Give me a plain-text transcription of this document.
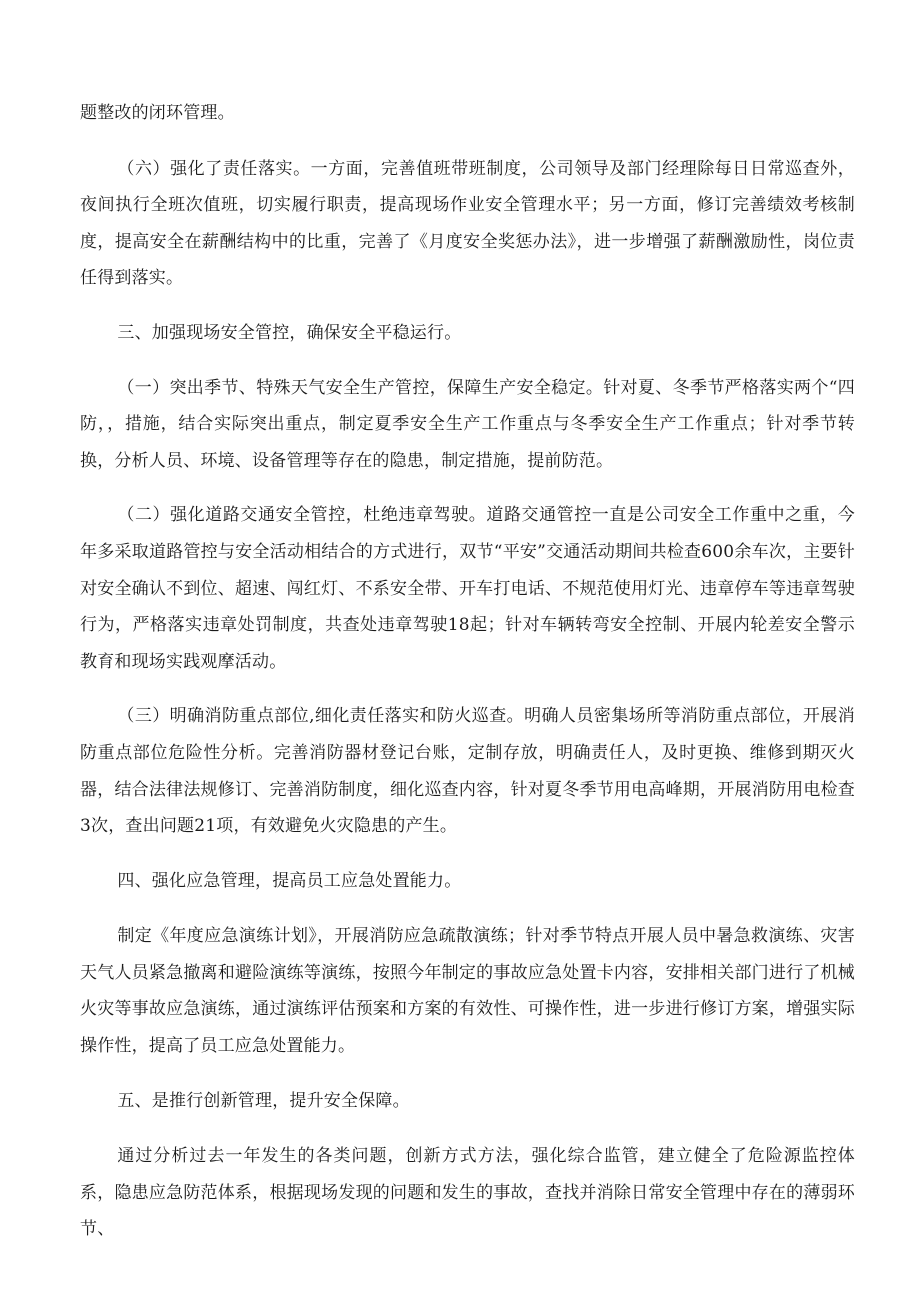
题整改的闭环管理。

（六）强化了责任落实。一方面，完善值班带班制度，公司领导及部门经理除每日日常巡查外，夜间执行全班次值班，切实履行职责，提高现场作业安全管理水平；另一方面，修订完善绩效考核制度，提高安全在薪酬结构中的比重，完善了《月度安全奖惩办法》，进一步增强了薪酬激励性，岗位责任得到落实。

三、加强现场安全管控，确保安全平稳运行。

（一）突出季节、特殊天气安全生产管控，保障生产安全稳定。针对夏、冬季节严格落实两个“四防，，措施，结合实际突出重点，制定夏季安全生产工作重点与冬季安全生产工作重点；针对季节转换，分析人员、环境、设备管理等存在的隐患，制定措施，提前防范。

（二）强化道路交通安全管控，杜绝违章驾驶。道路交通管控一直是公司安全工作重中之重，今年多采取道路管控与安全活动相结合的方式进行，双节“平安”交通活动期间共检查600余车次，主要针对安全确认不到位、超速、闯红灯、不系安全带、开车打电话、不规范使用灯光、违章停车等违章驾驶行为，严格落实违章处罚制度，共查处违章驾驶18起；针对车辆转弯安全控制、开展内轮差安全警示教育和现场实践观摩活动。

（三）明确消防重点部位,细化责任落实和防火巡查。明确人员密集场所等消防重点部位，开展消防重点部位危险性分析。完善消防器材登记台账，定制存放，明确责任人，及时更换、维修到期灭火器，结合法律法规修订、完善消防制度，细化巡查内容，针对夏冬季节用电高峰期，开展消防用电检查3次，查出问题21项，有效避免火灾隐患的产生。

四、强化应急管理，提高员工应急处置能力。

制定《年度应急演练计划》，开展消防应急疏散演练；针对季节特点开展人员中暑急救演练、灾害天气人员紧急撤离和避险演练等演练，按照今年制定的事故应急处置卡内容，安排相关部门进行了机械火灾等事故应急演练，通过演练评估预案和方案的有效性、可操作性，进一步进行修订方案，增强实际操作性，提高了员工应急处置能力。

五、是推行创新管理，提升安全保障。

通过分析过去一年发生的各类问题，创新方式方法，强化综合监管，建立健全了危险源监控体系，隐患应急防范体系，根据现场发现的问题和发生的事故，查找并消除日常安全管理中存在的薄弱环节、
